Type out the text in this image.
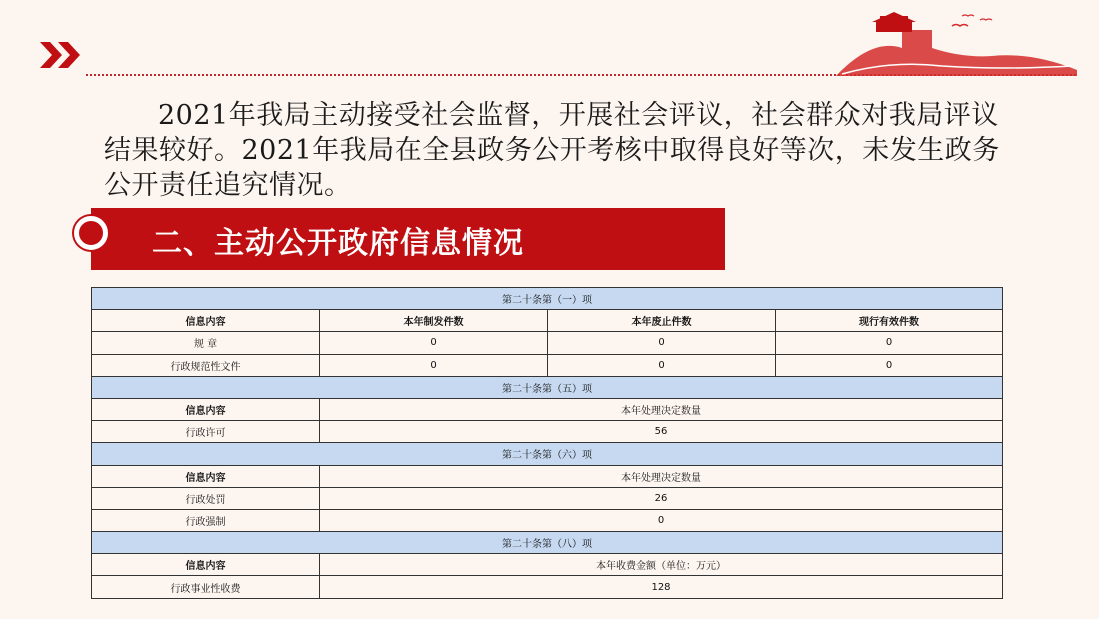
2021年我局主动接受社会监督，开展社会评议，社会群众对我局评议结果较好。2021年我局在全县政务公开考核中取得良好等次，未发生政务公开责任追究情况。

二、主动公开政府信息情况
第二十条第（一）项			
信息内容	本年制发件数	本年废止件数	现行有效件数
规 章	0	0	0
行政规范性文件	0	0	0
第二十条第（五）项			
信息内容	本年处理决定数量		
行政许可	56		
第二十条第（六）项			
信息内容	本年处理决定数量		
行政处罚	26		
行政强制	0		
第二十条第（八）项			
信息内容	本年收费金额（单位：万元）		
行政事业性收费	128		
